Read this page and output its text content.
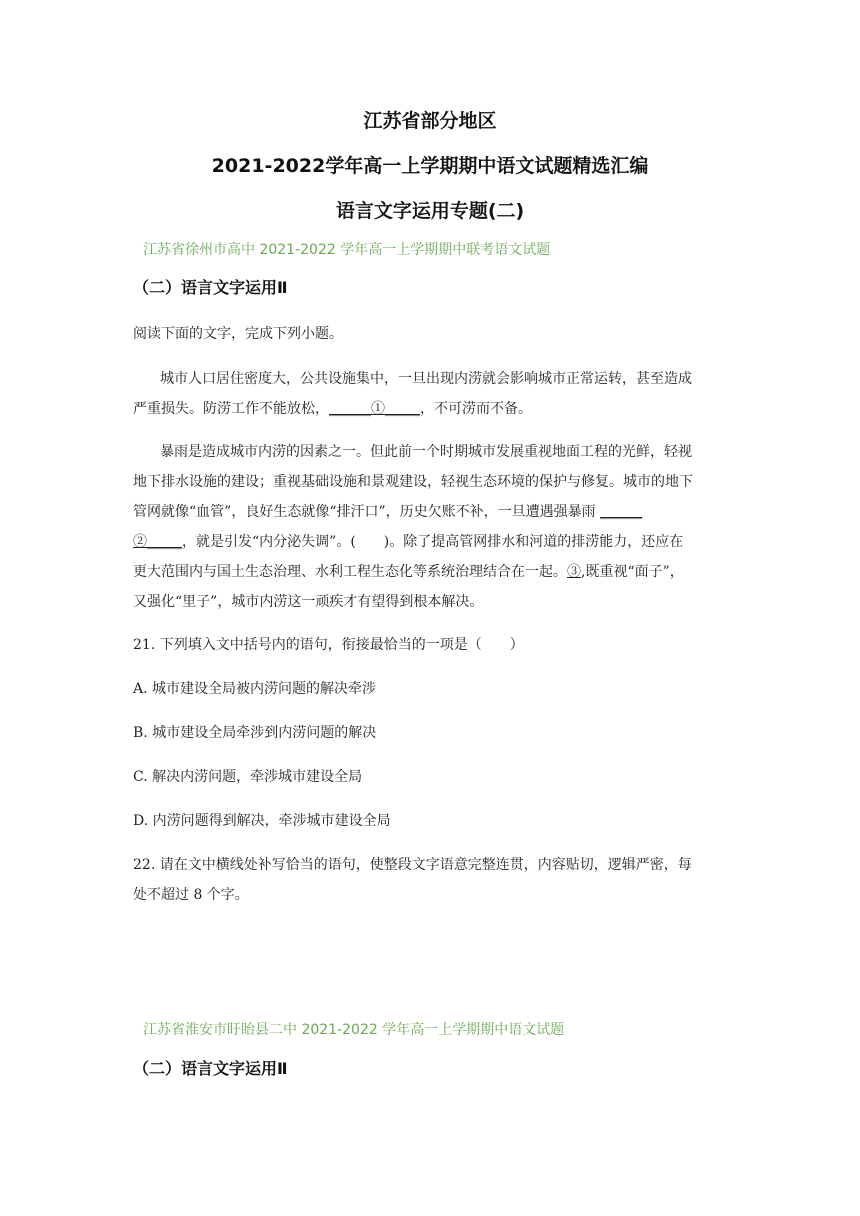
江苏省部分地区
2021-2022学年高一上学期期中语文试题精选汇编
语言文字运用专题(二)
江苏省徐州市高中 2021-2022 学年高一上学期期中联考语文试题
（二）语言文字运用Ⅱ
阅读下面的文字，完成下列小题。
城市人口居住密度大，公共设施集中，一旦出现内涝就会影响城市正常运转，甚至造成
严重损失。防涝工作不能放松，______①_____，不可涝而不备。
暴雨是造成城市内涝的因素之一。但此前一个时期城市发展重视地面工程的光鲜，轻视
地下排水设施的建设；重视基础设施和景观建设，轻视生态环境的保护与修复。城市的地下
管网就像“血管”，良好生态就像“排汗口”，历史欠账不补，一旦遭遇强暴雨 ______
②_____，就是引发“内分泌失调”。(　　)。除了提高管网排水和河道的排涝能力，还应在
更大范围内与国土生态治理、水利工程生态化等系统治理结合在一起。③,既重视“面子”，
又强化“里子”，城市内涝这一顽疾才有望得到根本解决。
21. 下列填入文中括号内的语句，衔接最恰当的一项是（　　）
A. 城市建设全局被内涝问题的解决牵涉
B. 城市建设全局牵涉到内涝问题的解决
C. 解决内涝问题，牵涉城市建设全局
D. 内涝问题得到解决，牵涉城市建设全局
22. 请在文中横线处补写恰当的语句，使整段文字语意完整连贯，内容贴切，逻辑严密，每
处不超过 8 个字。
江苏省淮安市盱眙县二中 2021-2022 学年高一上学期期中语文试题
（二）语言文字运用Ⅱ
